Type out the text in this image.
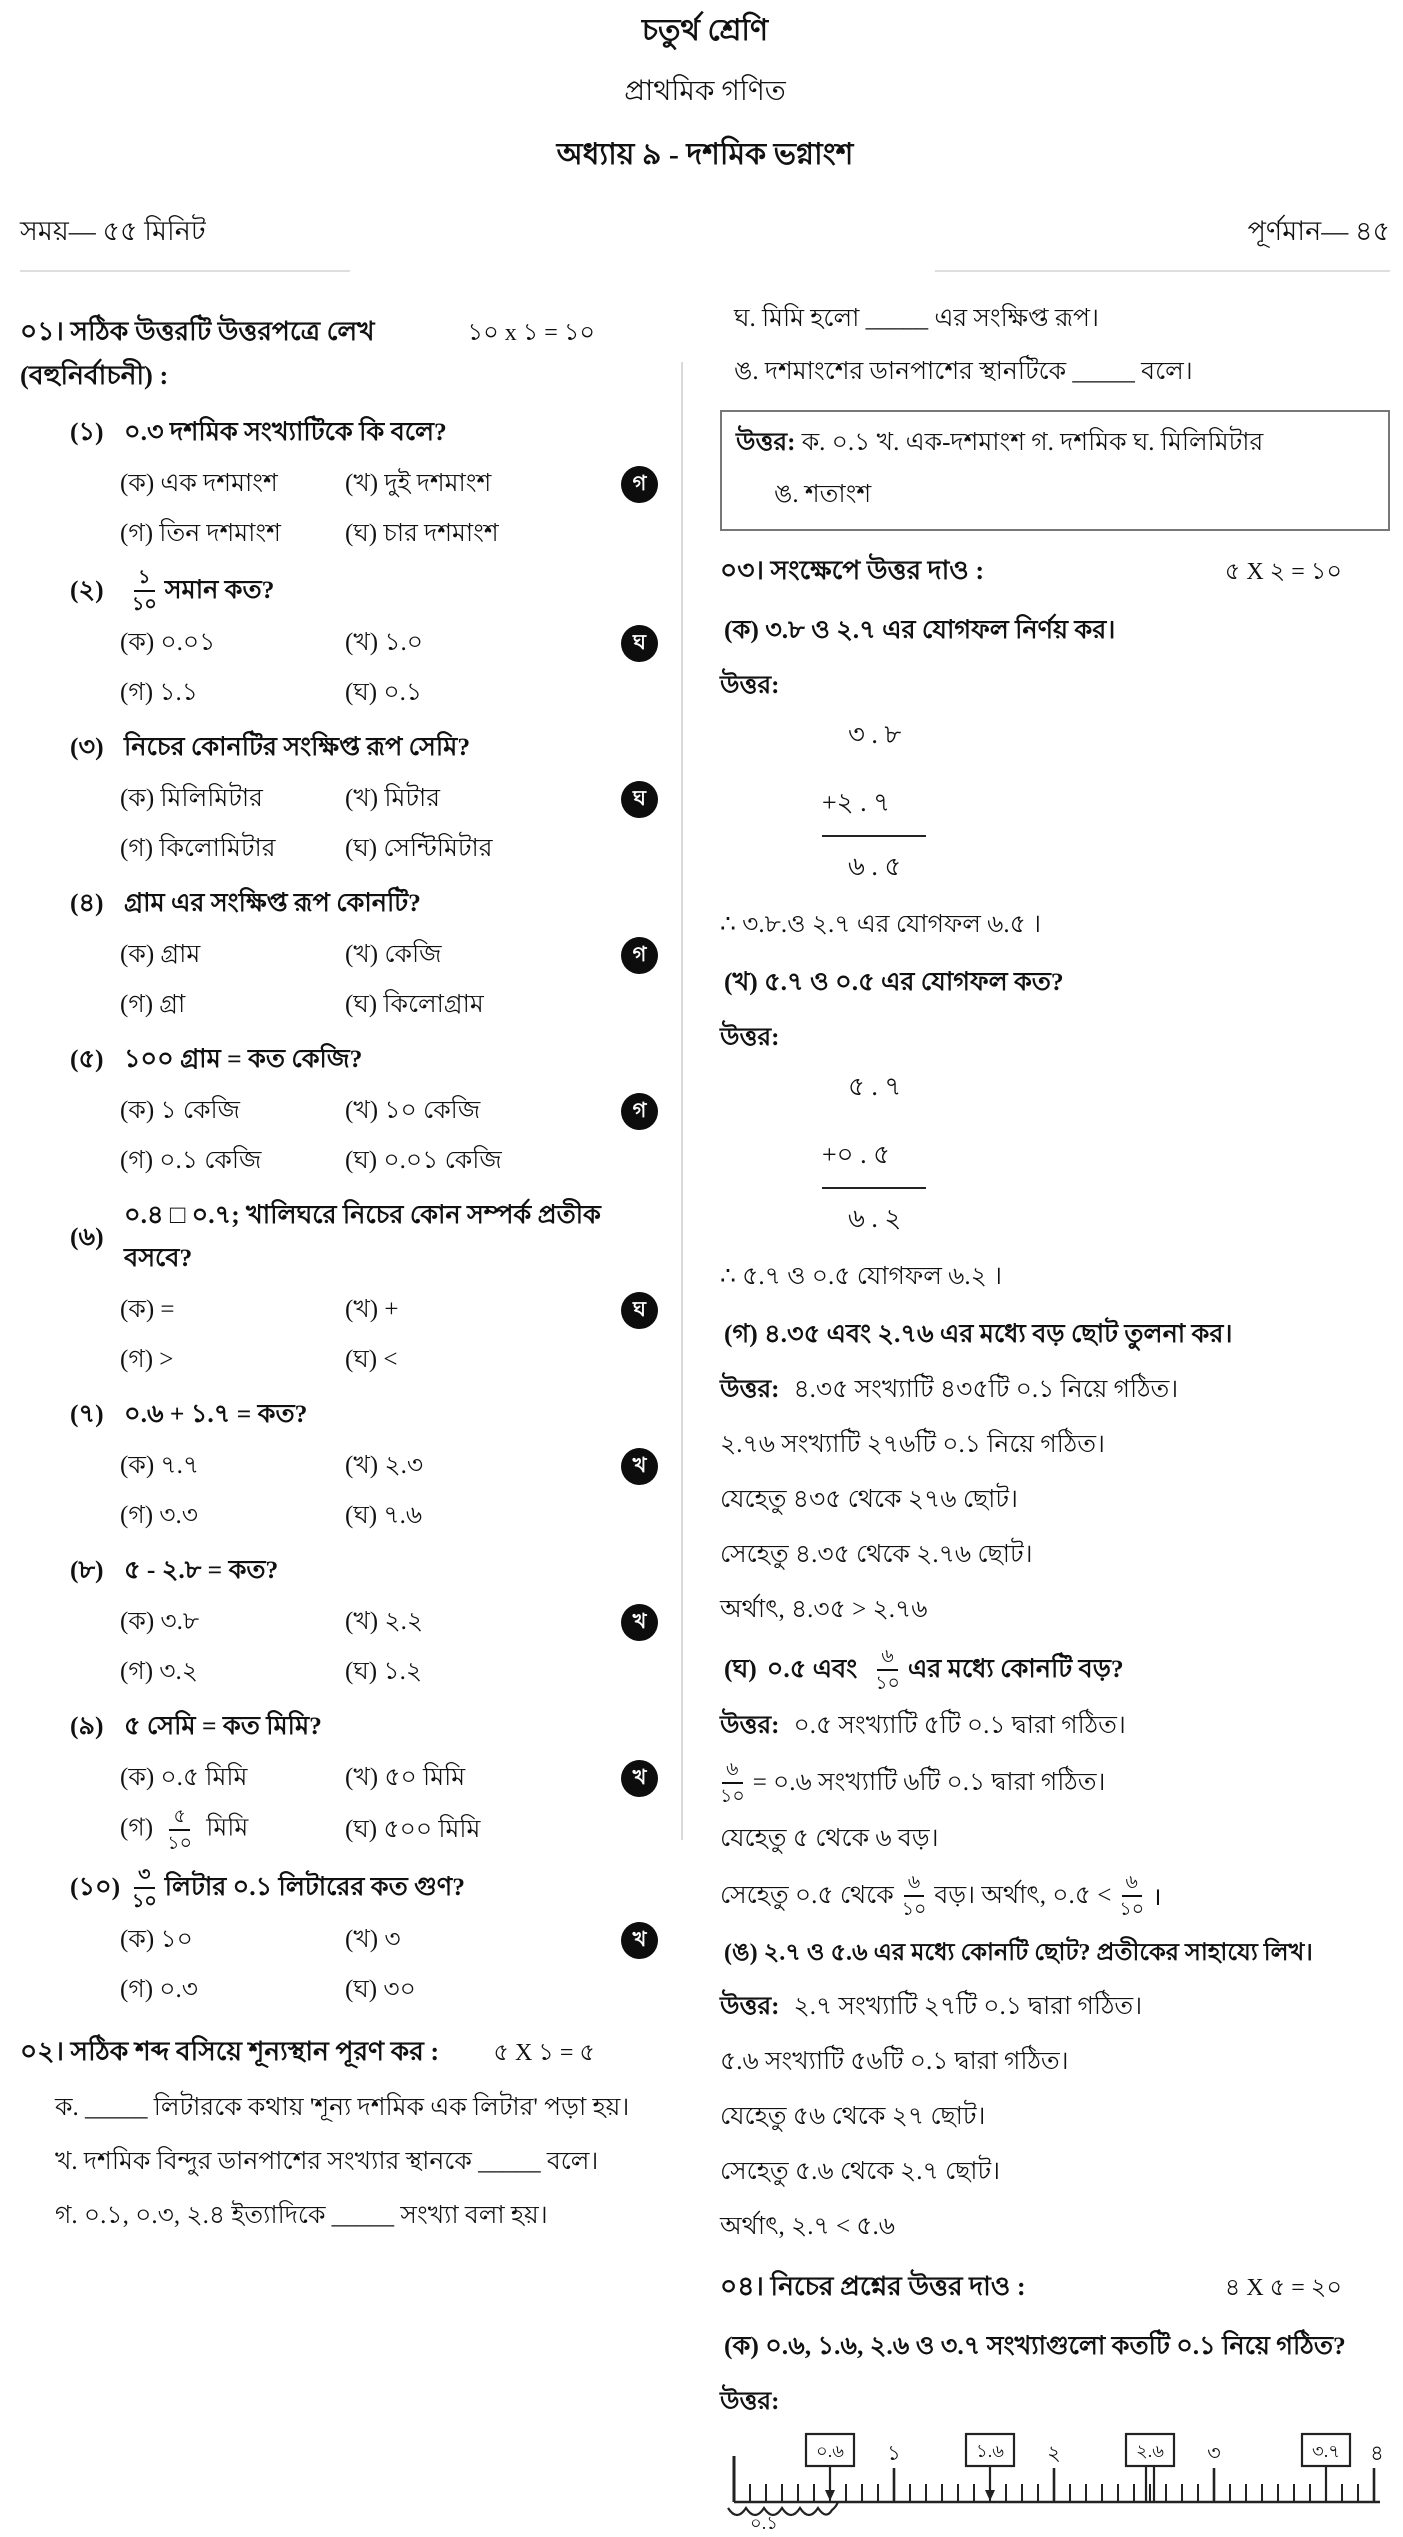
চতুর্থ শ্রেণি
প্রাথমিক গণিত
অধ্যায় ৯ - দশমিক ভগ্নাংশ
সময়— ৫৫ মিনিট	পূর্ণমান— ৪৫
০১। সঠিক উত্তরটি উত্তরপত্রে লেখ (বহুনির্বাচনী) :
১০ x ১ = ১০
(১) ০.৩ দশমিক সংখ্যাটিকে কি বলে?
(ক) এক দশমাংশ	(খ) দুই দশমাংশ	গ
(গ) তিন দশমাংশ	(ঘ) চার দশমাংশ
(২)	$\frac{১}{১০}$ সমান কত?
(ক) ০.০১	(খ) ১.০	ঘ
(গ) ১.১	(ঘ) ০.১
(৩) নিচের কোনটির সংক্ষিপ্ত রূপ সেমি?
(ক) মিলিমিটার	(খ) মিটার	ঘ
(গ) কিলোমিটার	(ঘ) সেন্টিমিটার
(৪) গ্রাম এর সংক্ষিপ্ত রূপ কোনটি?
(ক) গ্রাম	(খ) কেজি	গ
(গ) গ্রা	(ঘ) কিলোগ্রাম
(৫) ১০০ গ্রাম = কত কেজি?
(ক) ১ কেজি	(খ) ১০ কেজি	গ
(গ) ০.১ কেজি	(ঘ) ০.০১ কেজি
(৬)
০.৪ □ ০.৭; খালিঘরে নিচের কোন সম্পর্ক প্রতীক বসবে?
(ক) =	(খ) +	ঘ
(গ) >	(ঘ) <
(৭) ০.৬ + ১.৭ = কত?
(ক) ৭.৭	(খ) ২.৩	খ
(গ) ৩.৩	(ঘ) ৭.৬
(৮) ৫ - ২.৮ = কত?
(ক) ৩.৮	(খ) ২.২	খ
(গ) ৩.২	(ঘ) ১.২
(৯) ৫ সেমি = কত মিমি?
(ক) ০.৫ মিমি	(খ) ৫০ মিমি	খ
(গ) $\frac{৫}{১০}$ মিমি	(ঘ) ৫০০ মিমি
(১০) $\frac{৩}{১০}$ লিটার ০.১ লিটারের কত গুণ?
(ক) ১০	(খ) ৩	খ
(গ) ০.৩	(ঘ) ৩০
০২। সঠিক শব্দ বসিয়ে শূন্যস্থান পূরণ কর : ৫ X ১ = ৫
ক. _____ লিটারকে কথায় 'শূন্য দশমিক এক লিটার' পড়া হয়।
খ. দশমিক বিন্দুর ডানপাশের সংখ্যার স্থানকে _____ বলে।
গ. ০.১, ০.৩, ২.৪ ইত্যাদিকে _____ সংখ্যা বলা হয়।
ঘ. মিমি হলো _____ এর সংক্ষিপ্ত রূপ।
ঙ. দশমাংশের ডানপাশের স্থানটিকে _____ বলে।
উত্তর: ক. ০.১ খ. এক-দশমাংশ গ. দশমিক ঘ. মিলিমিটার
ঙ. শতাংশ
০৩। সংক্ষেপে উত্তর দাও :	৫ X ২ = ১০
(ক) ৩.৮ ও ২.৭ এর যোগফল নির্ণয় কর।
উত্তর:
৩ . ৮
+২ . ৭
৬ . ৫
∴ ৩.৮.ও ২.৭ এর যোগফল ৬.৫ ।
(খ) ৫.৭ ও ০.৫ এর যোগফল কত?
উত্তর:
৫ . ৭
+০ . ৫
৬ . ২
∴ ৫.৭ ও ০.৫ যোগফল ৬.২ ।
(গ) ৪.৩৫ এবং ২.৭৬ এর মধ্যে বড় ছোট তুলনা কর।
উত্তর: ৪.৩৫ সংখ্যাটি ৪৩৫টি ০.১ নিয়ে গঠিত।
২.৭৬ সংখ্যাটি ২৭৬টি ০.১ নিয়ে গঠিত।
যেহেতু ৪৩৫ থেকে ২৭৬ ছোট।
সেহেতু ৪.৩৫ থেকে ২.৭৬ ছোট।
অর্থাৎ, ৪.৩৫ > ২.৭৬
(ঘ) ০.৫ এবং $\frac{৬}{১০}$ এর মধ্যে কোনটি বড়?
উত্তর: ০.৫ সংখ্যাটি ৫টি ০.১ দ্বারা গঠিত।
$\frac{৬}{১০}$ = ০.৬ সংখ্যাটি ৬টি ০.১ দ্বারা গঠিত।
যেহেতু ৫ থেকে ৬ বড়।
সেহেতু ০.৫ থেকে $\frac{৬}{১০}$ বড়। অর্থাৎ, ০.৫ < $\frac{৬}{১০}$ ।
(ঙ) ২.৭ ও ৫.৬ এর মধ্যে কোনটি ছোট? প্রতীকের সাহায্যে লিখ।
উত্তর: ২.৭ সংখ্যাটি ২৭টি ০.১ দ্বারা গঠিত।
৫.৬ সংখ্যাটি ৫৬টি ০.১ দ্বারা গঠিত।
যেহেতু ৫৬ থেকে ২৭ ছোট।
সেহেতু ৫.৬ থেকে ২.৭ ছোট।
অর্থাৎ, ২.৭ < ৫.৬
০৪। নিচের প্রশ্নের উত্তর দাও :	৪ X ৫ = ২০
(ক) ০.৬, ১.৬, ২.৬ ও ৩.৭ সংখ্যাগুলো কতটি ০.১ নিয়ে গঠিত?
উত্তর:
০.৬	১.৬	২.৬	৩.৭
১	২	৩	৪
০.১
